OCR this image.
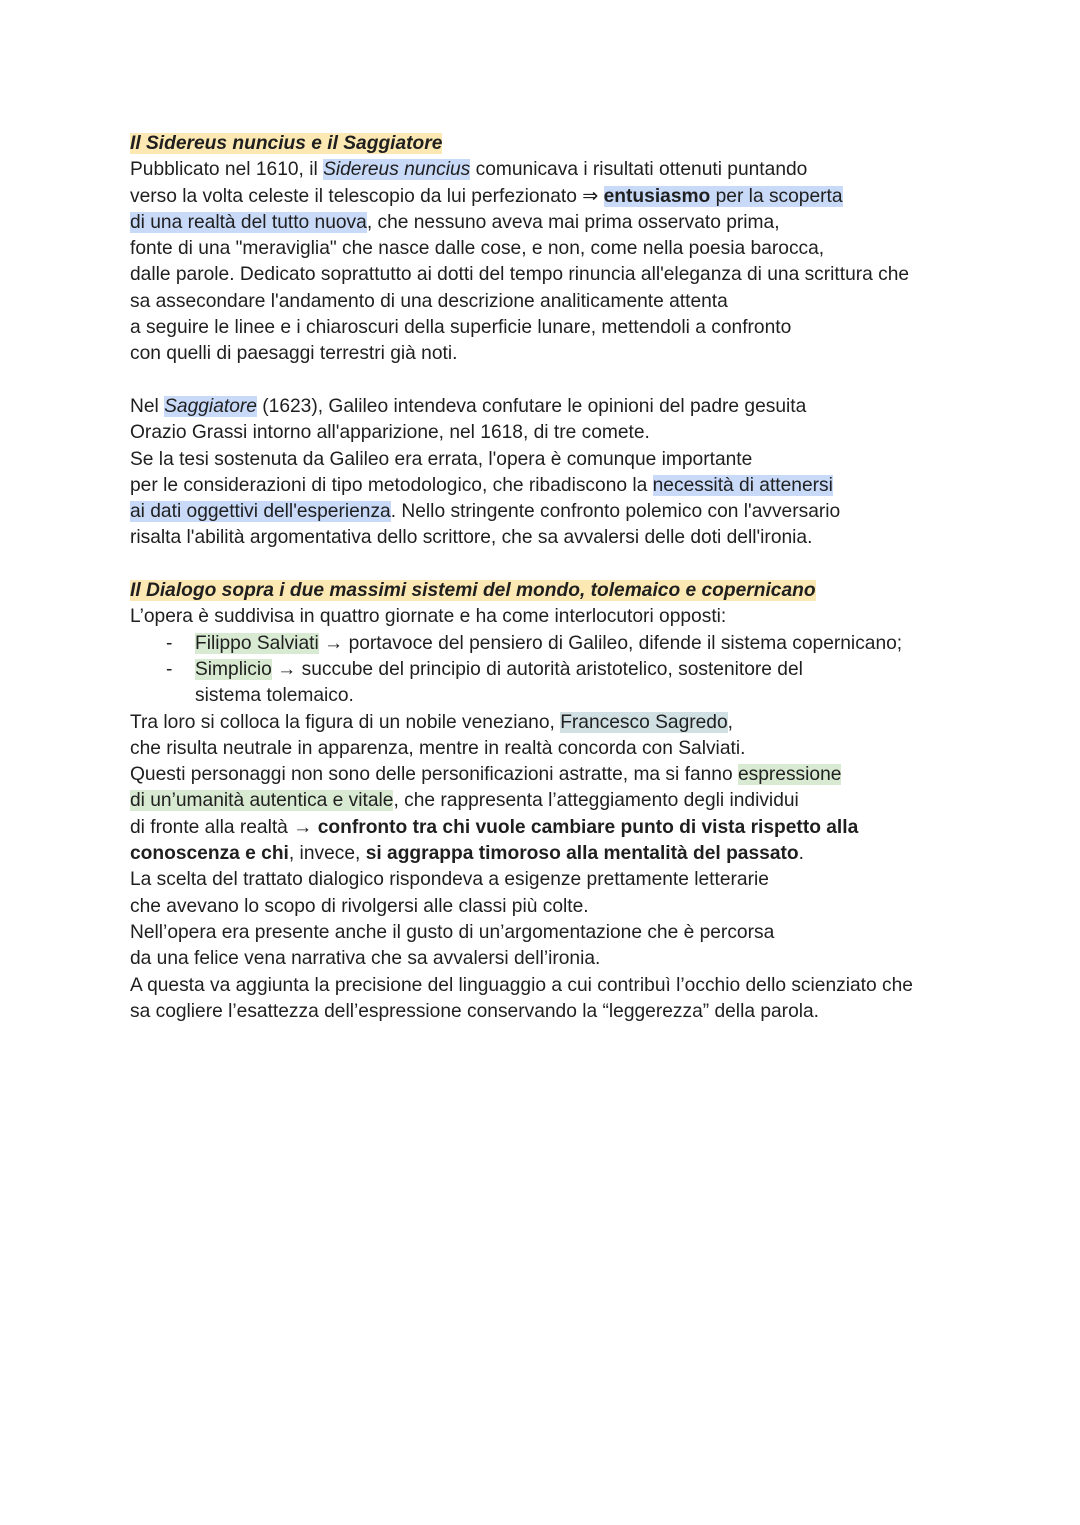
Il Sidereus nuncius e il Saggiatore
Pubblicato nel 1610, il Sidereus nuncius comunicava i risultati ottenuti puntando
verso la volta celeste il telescopio da lui perfezionato ⇒ entusiasmo per la scoperta
di una realtà del tutto nuova, che nessuno aveva mai prima osservato prima,
fonte di una "meraviglia" che nasce dalle cose, e non, come nella poesia barocca,
dalle parole. Dedicato soprattutto ai dotti del tempo rinuncia all'eleganza di una scrittura che
sa assecondare l'andamento di una descrizione analiticamente attenta
a seguire le linee e i chiaroscuri della superficie lunare, mettendoli a confronto
con quelli di paesaggi terrestri già noti.
Nel Saggiatore (1623), Galileo intendeva confutare le opinioni del padre gesuita
Orazio Grassi intorno all'apparizione, nel 1618, di tre comete.
Se la tesi sostenuta da Galileo era errata, l'opera è comunque importante
per le considerazioni di tipo metodologico, che ribadiscono la necessità di attenersi
ai dati oggettivi dell'esperienza. Nello stringente confronto polemico con l'avversario
risalta l'abilità argomentativa dello scrittore, che sa avvalersi delle doti dell'ironia.
Il Dialogo sopra i due massimi sistemi del mondo, tolemaico e copernicano
L’opera è suddivisa in quattro giornate e ha come interlocutori opposti:
- Filippo Salviati → portavoce del pensiero di Galileo, difende il sistema copernicano;
- Simplicio → succube del principio di autorità aristotelico, sostenitore del
sistema tolemaico.
Tra loro si colloca la figura di un nobile veneziano, Francesco Sagredo,
che risulta neutrale in apparenza, mentre in realtà concorda con Salviati.
Questi personaggi non sono delle personificazioni astratte, ma si fanno espressione
di un’umanità autentica e vitale, che rappresenta l’atteggiamento degli individui
di fronte alla realtà → confronto tra chi vuole cambiare punto di vista rispetto alla
conoscenza e chi, invece, si aggrappa timoroso alla mentalità del passato.
La scelta del trattato dialogico rispondeva a esigenze prettamente letterarie
che avevano lo scopo di rivolgersi alle classi più colte.
Nell’opera era presente anche il gusto di un’argomentazione che è percorsa
da una felice vena narrativa che sa avvalersi dell’ironia.
A questa va aggiunta la precisione del linguaggio a cui contribuì l’occhio dello scienziato che
sa cogliere l’esattezza dell’espressione conservando la “leggerezza” della parola.
